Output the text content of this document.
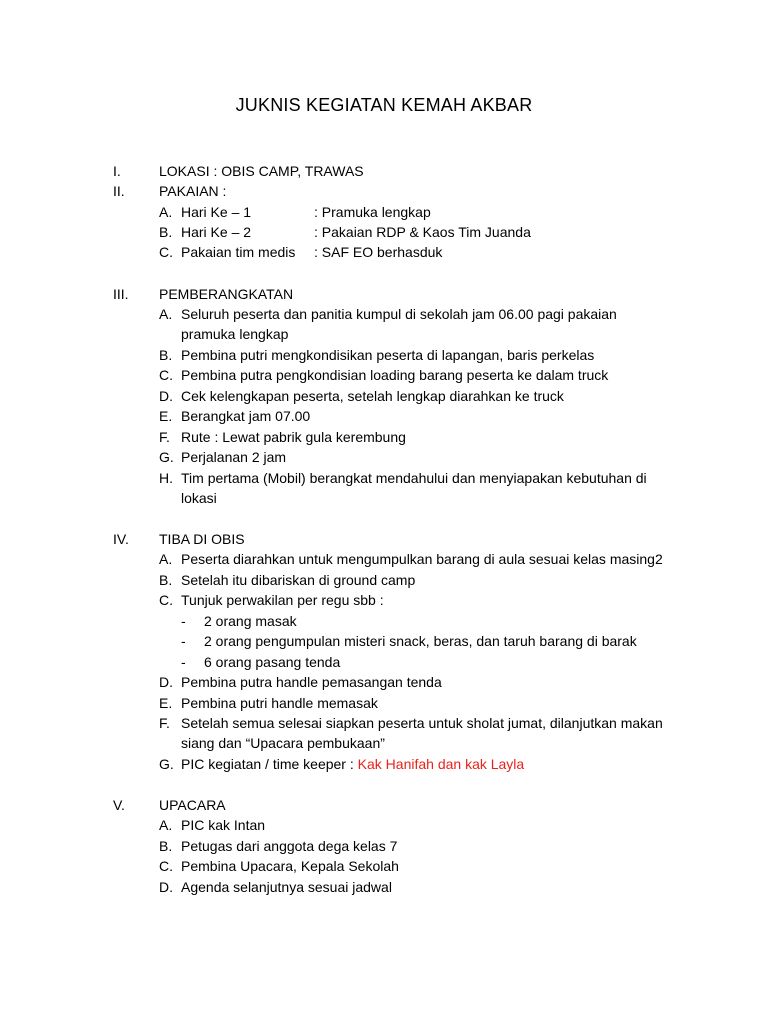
JUKNIS KEGIATAN KEMAH AKBAR
I.	LOKASI : OBIS CAMP, TRAWAS
II. PAKAIAN :
A. Hari Ke – 1	: Pramuka lengkap
B. Hari Ke – 2	: Pakaian RDP & Kaos Tim Juanda
C. Pakaian tim medis : SAF EO berhasduk
III. PEMBERANGKATAN
A. Seluruh peserta dan panitia kumpul di sekolah jam 06.00 pagi pakaian
pramuka lengkap
B. Pembina putri mengkondisikan peserta di lapangan, baris perkelas
C. Pembina putra pengkondisian loading barang peserta ke dalam truck
D. Cek kelengkapan peserta, setelah lengkap diarahkan ke truck
E. Berangkat jam 07.00
F. Rute : Lewat pabrik gula kerembung
G. Perjalanan 2 jam
H. Tim pertama (Mobil) berangkat mendahului dan menyiapakan kebutuhan di
lokasi
IV. TIBA DI OBIS
A. Peserta diarahkan untuk mengumpulkan barang di aula sesuai kelas masing2
B. Setelah itu dibariskan di ground camp
C. Tunjuk perwakilan per regu sbb :
- 2 orang masak
- 2 orang pengumpulan misteri snack, beras, dan taruh barang di barak
- 6 orang pasang tenda
D. Pembina putra handle pemasangan tenda
E. Pembina putri handle memasak
F. Setelah semua selesai siapkan peserta untuk sholat jumat, dilanjutkan makan
siang dan “Upacara pembukaan”
G. PIC kegiatan / time keeper : Kak Hanifah dan kak Layla
V. UPACARA
A. PIC kak Intan
B. Petugas dari anggota dega kelas 7
C. Pembina Upacara, Kepala Sekolah
D. Agenda selanjutnya sesuai jadwal
